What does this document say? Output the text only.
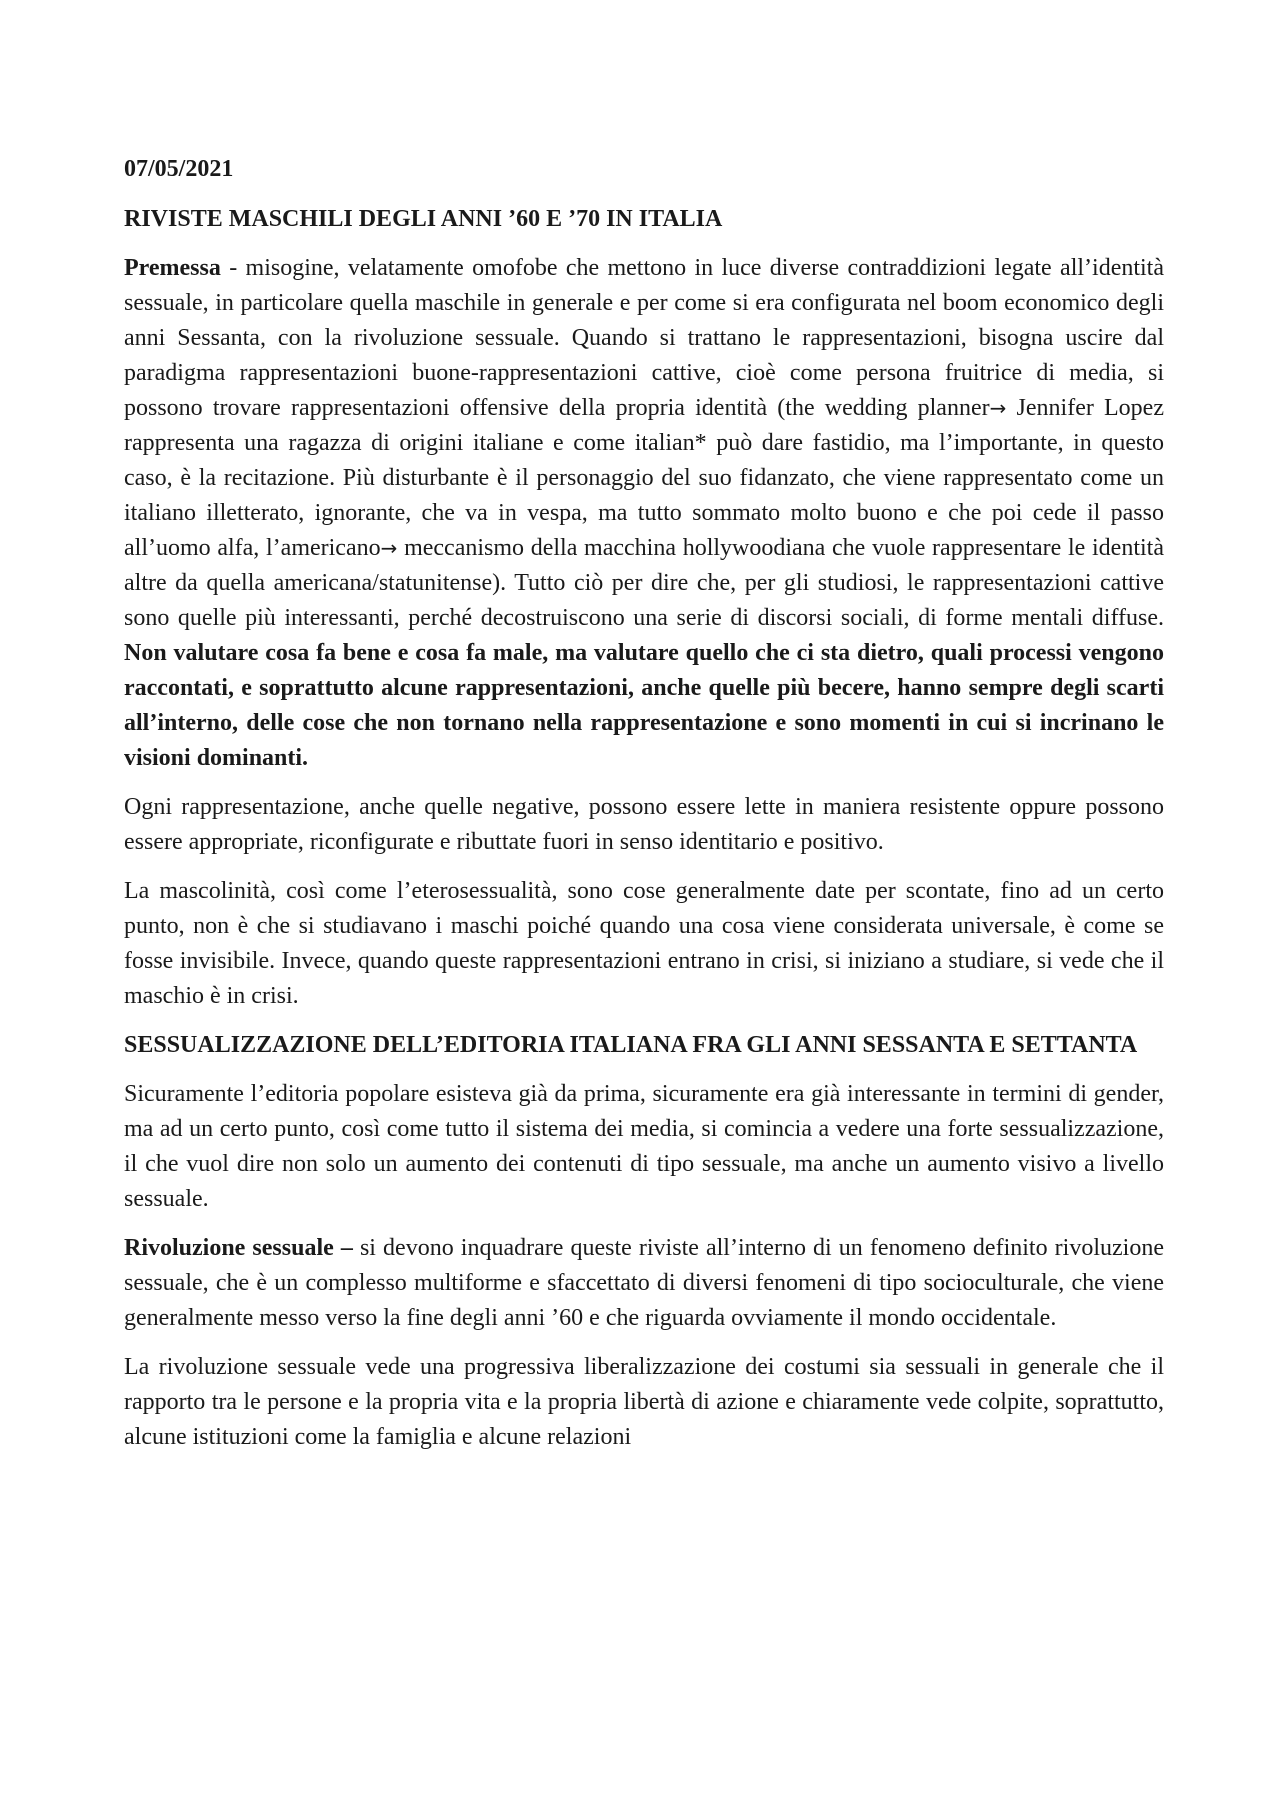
07/05/2021
RIVISTE MASCHILI DEGLI ANNI ’60 E ’70 IN ITALIA

Premessa - misogine, velatamente omofobe che mettono in luce diverse contraddizioni legate all’identità sessuale, in particolare quella maschile in generale e per come si era configurata nel boom economico degli anni Sessanta, con la rivoluzione sessuale. Quando si trattano le rappresentazioni, bisogna uscire dal paradigma rappresentazioni buone-rappresentazioni cattive, cioè come persona fruitrice di media, si possono trovare rappresentazioni offensive della propria identità (the wedding planner→ Jennifer Lopez rappresenta una ragazza di origini italiane e come italian* può dare fastidio, ma l’importante, in questo caso, è la recitazione. Più disturbante è il personaggio del suo fidanzato, che viene rappresentato come un italiano illetterato, ignorante, che va in vespa, ma tutto sommato molto buono e che poi cede il passo all’uomo alfa, l’americano→ meccanismo della macchina hollywoodiana che vuole rappresentare le identità altre da quella americana/statunitense). Tutto ciò per dire che, per gli studiosi, le rappresentazioni cattive sono quelle più interessanti, perché decostruiscono una serie di discorsi sociali, di forme mentali diffuse. Non valutare cosa fa bene e cosa fa male, ma valutare quello che ci sta dietro, quali processi vengono raccontati, e soprattutto alcune rappresentazioni, anche quelle più becere, hanno sempre degli scarti all’interno, delle cose che non tornano nella rappresentazione e sono momenti in cui si incrinano le visioni dominanti.

Ogni rappresentazione, anche quelle negative, possono essere lette in maniera resistente oppure possono essere appropriate, riconfigurate e ributtate fuori in senso identitario e positivo.

La mascolinità, così come l’eterosessualità, sono cose generalmente date per scontate, fino ad un certo punto, non è che si studiavano i maschi poiché quando una cosa viene considerata universale, è come se fosse invisibile. Invece, quando queste rappresentazioni entrano in crisi, si iniziano a studiare, si vede che il maschio è in crisi.

SESSUALIZZAZIONE DELL’EDITORIA ITALIANA FRA GLI ANNI SESSANTA E SETTANTA

Sicuramente l’editoria popolare esisteva già da prima, sicuramente era già interessante in termini di gender, ma ad un certo punto, così come tutto il sistema dei media, si comincia a vedere una forte sessualizzazione, il che vuol dire non solo un aumento dei contenuti di tipo sessuale, ma anche un aumento visivo a livello sessuale.

Rivoluzione sessuale – si devono inquadrare queste riviste all’interno di un fenomeno definito rivoluzione sessuale, che è un complesso multiforme e sfaccettato di diversi fenomeni di tipo socioculturale, che viene generalmente messo verso la fine degli anni ’60 e che riguarda ovviamente il mondo occidentale.

La rivoluzione sessuale vede una progressiva liberalizzazione dei costumi sia sessuali in generale che il rapporto tra le persone e la propria vita e la propria libertà di azione e chiaramente vede colpite, soprattutto, alcune istituzioni come la famiglia e alcune relazioni
